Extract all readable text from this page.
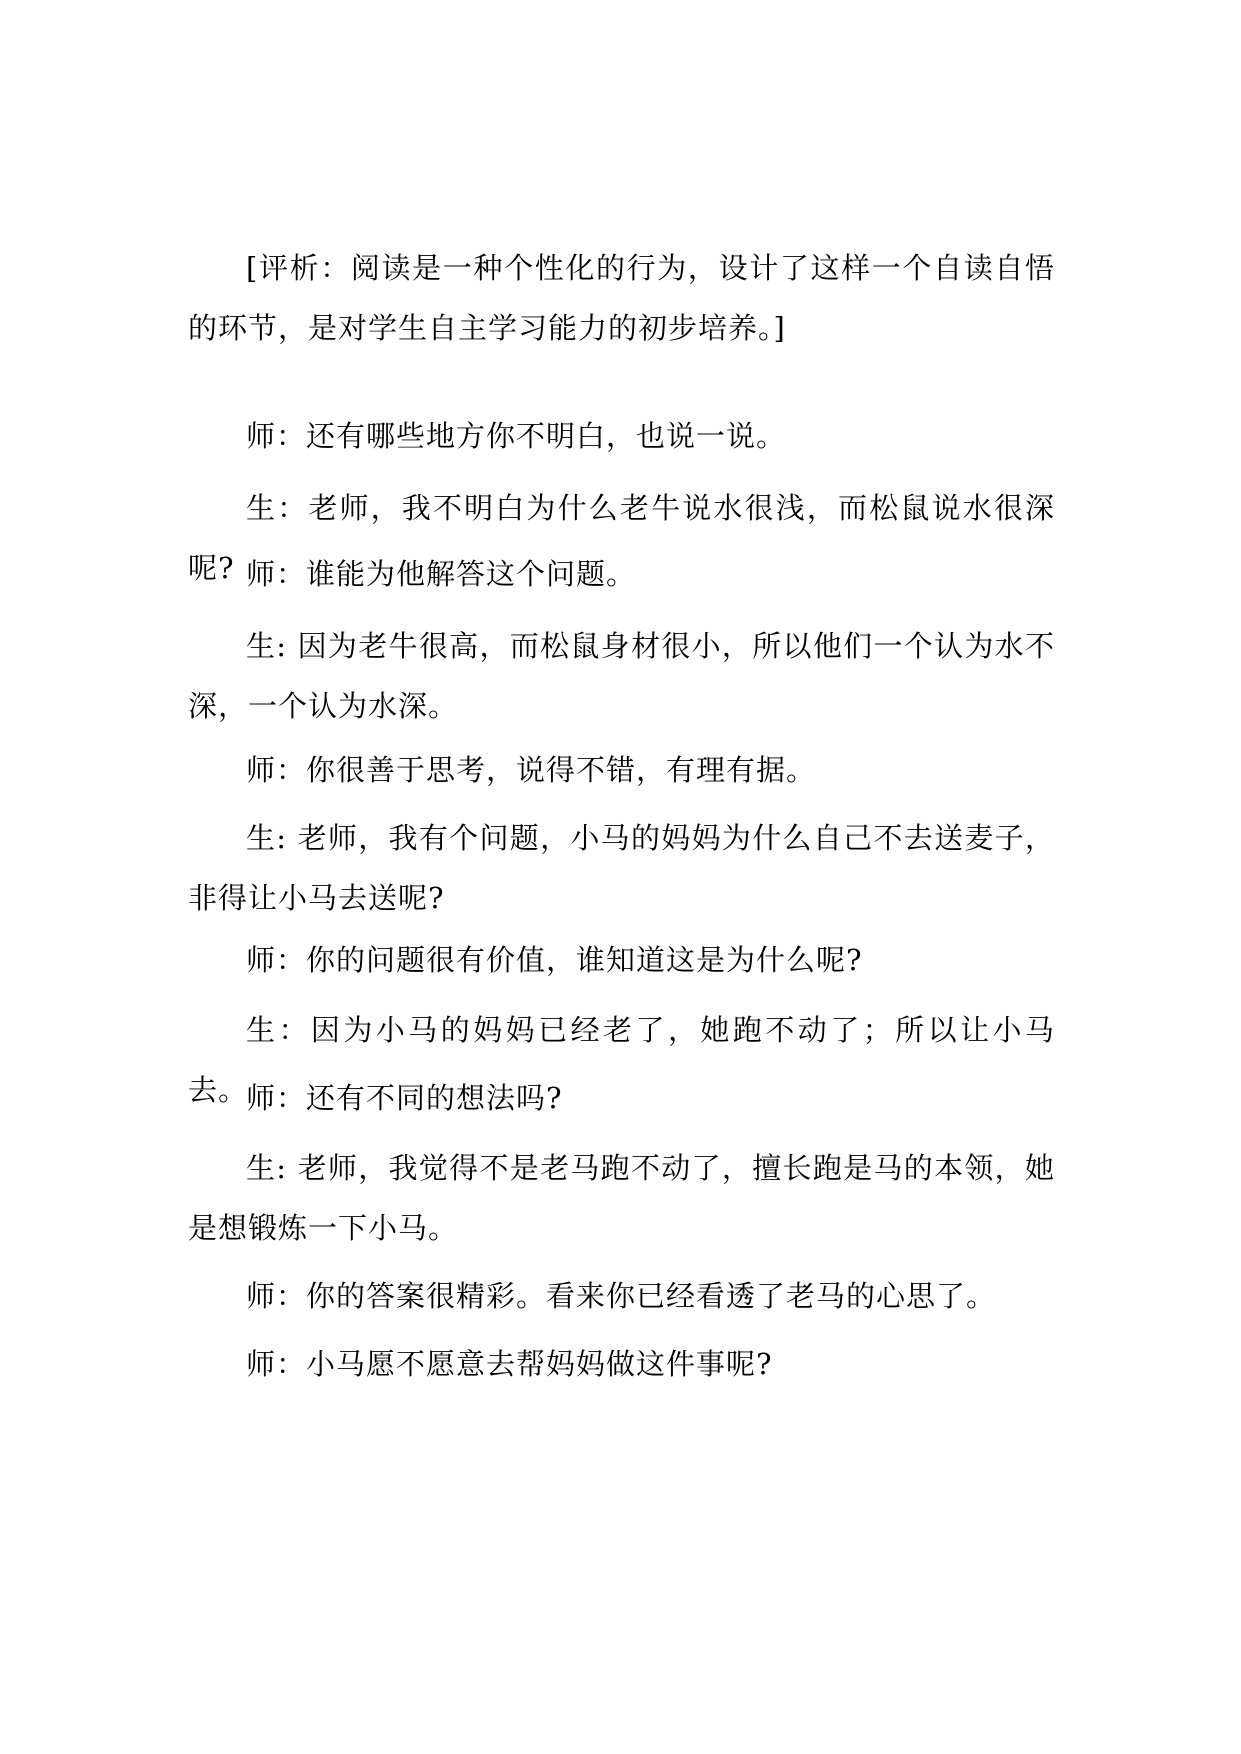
[评析：阅读是一种个性化的行为，设计了这样一个自读自悟的环节，是对学生自主学习能力的初步培养。]

师：还有哪些地方你不明白，也说一说。

生：老师，我不明白为什么老牛说水很浅，而松鼠说水很深呢? 师：谁能为他解答这个问题。

生: 因为老牛很高，而松鼠身材很小，所以他们一个认为水不深，一个认为水深。

师：你很善于思考，说得不错，有理有据。

生: 老师，我有个问题，小马的妈妈为什么自己不去送麦子，非得让小马去送呢?

师：你的问题很有价值，谁知道这是为什么呢?

生：因为小马的妈妈已经老了，她跑不动了；所以让小马去。

师：还有不同的想法吗?

生: 老师，我觉得不是老马跑不动了，擅长跑是马的本领，她是想锻炼一下小马。

师：你的答案很精彩。看来你已经看透了老马的心思了。

师：小马愿不愿意去帮妈妈做这件事呢?
